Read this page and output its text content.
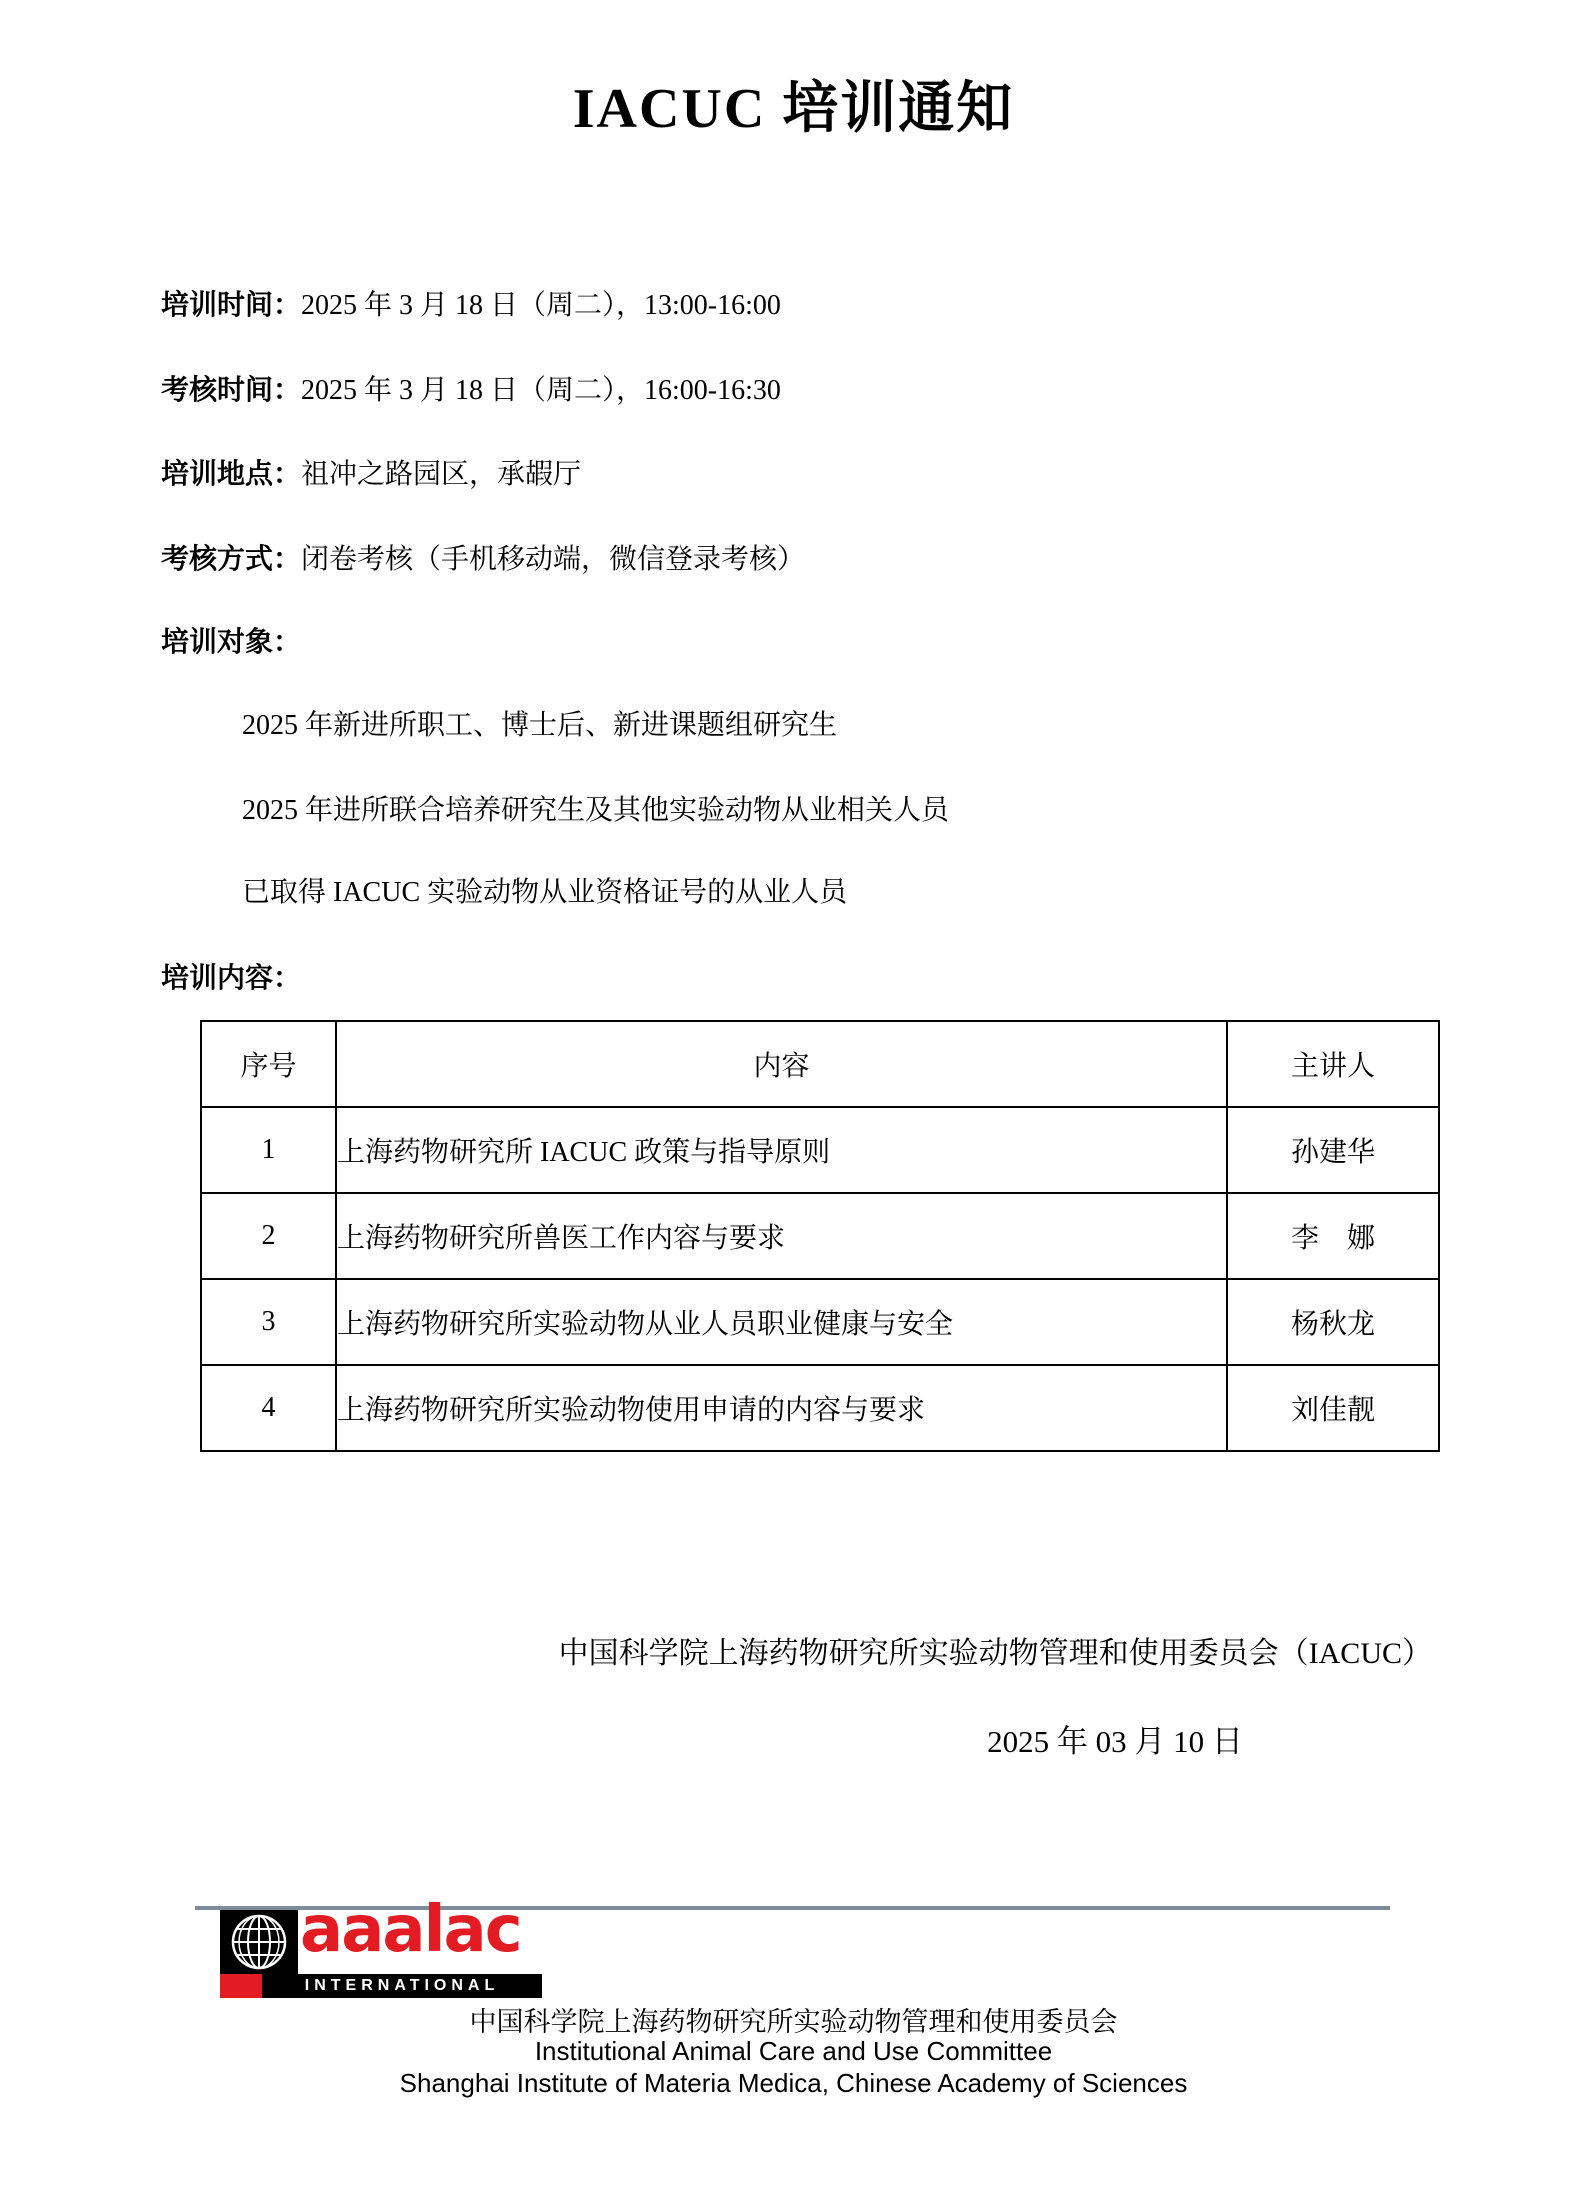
IACUC 培训通知
培训时间：2025 年 3 月 18 日（周二），13:00-16:00
考核时间：2025 年 3 月 18 日（周二），16:00-16:30
培训地点：祖冲之路园区，承嘏厅
考核方式：闭卷考核（手机移动端，微信登录考核）
培训对象：
2025 年新进所职工、博士后、新进课题组研究生
2025 年进所联合培养研究生及其他实验动物从业相关人员
已取得 IACUC 实验动物从业资格证号的从业人员
培训内容：
序号	内容	主讲人
1	上海药物研究所 IACUC 政策与指导原则	孙建华
2	上海药物研究所兽医工作内容与要求	李　娜
3	上海药物研究所实验动物从业人员职业健康与安全	杨秋龙
4	上海药物研究所实验动物使用申请的内容与要求	刘佳靓
中国科学院上海药物研究所实验动物管理和使用委员会（IACUC）
2025 年 03 月 10 日
aaalac
INTERNATIONAL
中国科学院上海药物研究所实验动物管理和使用委员会
Institutional Animal Care and Use Committee
Shanghai Institute of Materia Medica, Chinese Academy of Sciences
